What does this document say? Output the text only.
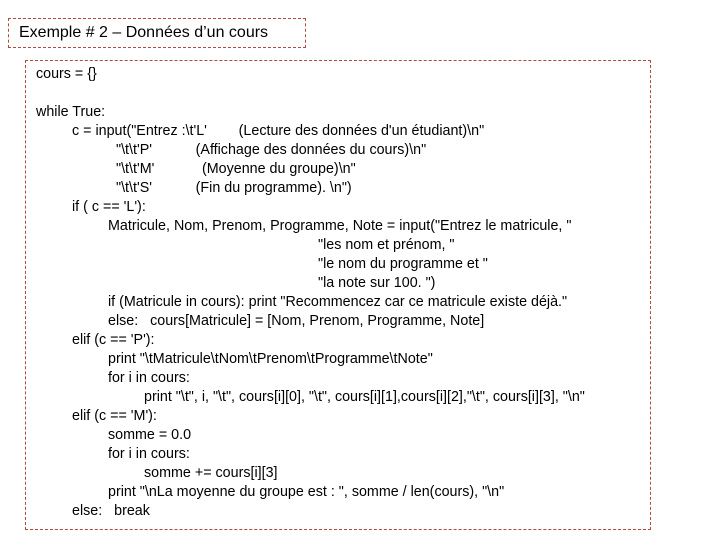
Exemple # 2 – Données d’un cours
cours = {}
while True:
c = input("Entrez :\t'L'        (Lecture des données d'un étudiant)\n"
"\t\t'P'           (Affichage des données du cours)\n"
"\t\t'M'            (Moyenne du groupe)\n"
"\t\t'S'           (Fin du programme). \n")
if ( c == 'L'):
Matricule, Nom, Prenom, Programme, Note = input("Entrez le matricule, "
"les nom et prénom, "
"le nom du programme et "
"la note sur 100. ")
if (Matricule in cours): print "Recommencez car ce matricule existe déjà."
else:   cours[Matricule] = [Nom, Prenom, Programme, Note]
elif (c == 'P'):
print "\tMatricule\tNom\tPrenom\tProgramme\tNote"
for i in cours:
print "\t", i, "\t", cours[i][0], "\t", cours[i][1],cours[i][2],"\t", cours[i][3], "\n"
elif (c == 'M'):
somme = 0.0
for i in cours:
somme += cours[i][3]
print "\nLa moyenne du groupe est : ", somme / len(cours), "\n"
else:   break
